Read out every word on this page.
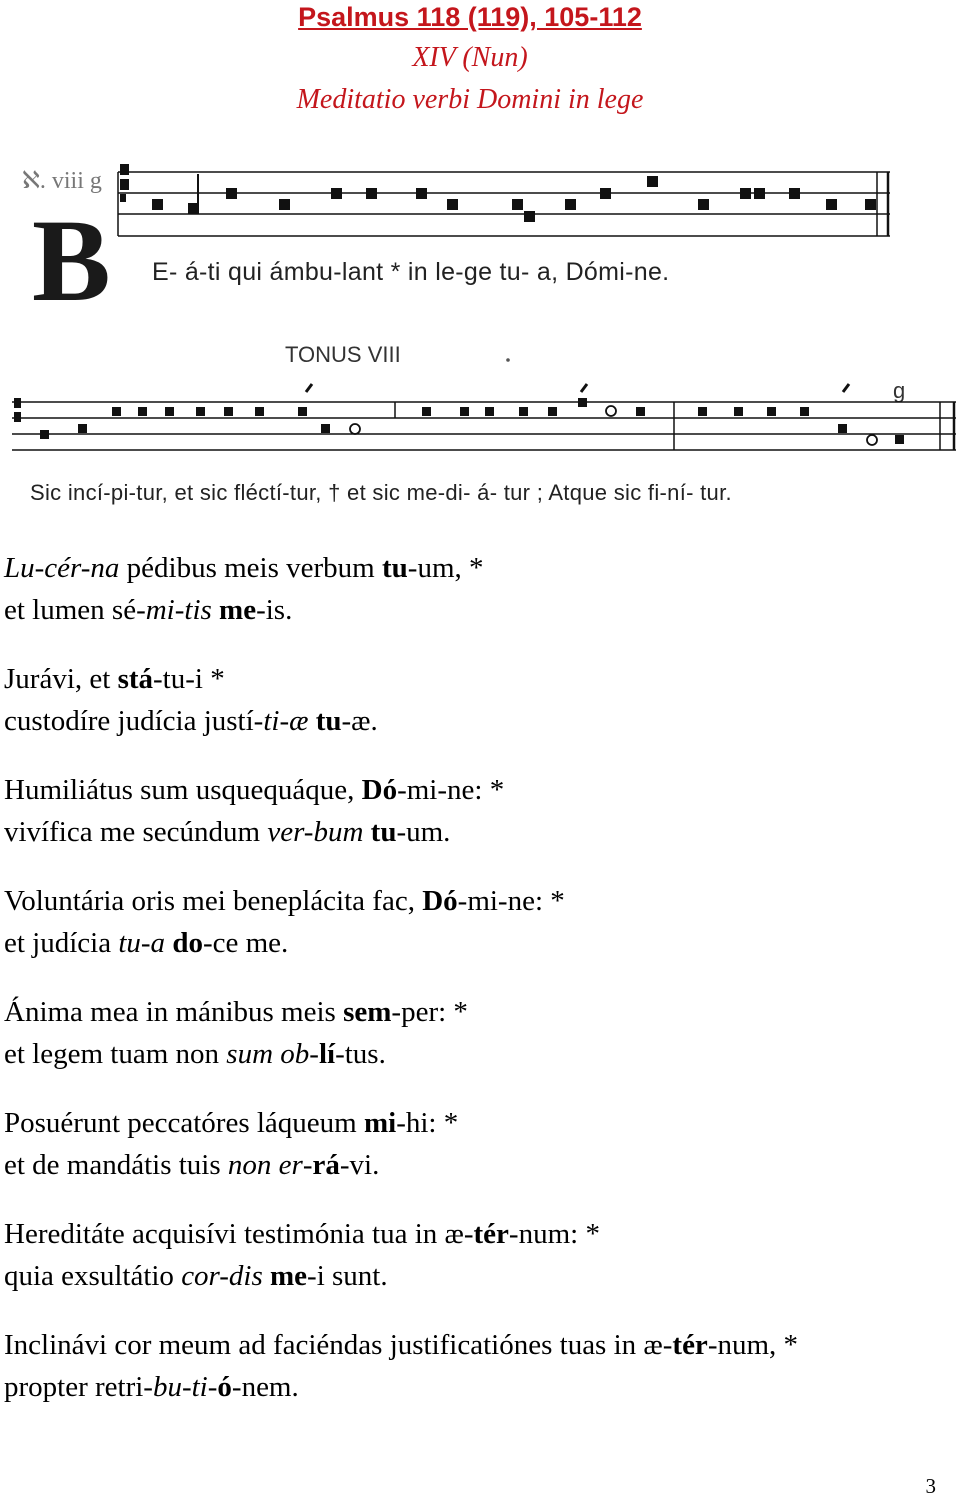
Psalmus 118 (119), 105-112
XIV (Nun)
Meditatio verbi Domini in lege
ℵ. viii g
B E- á-ti qui ámbu-lant * in le-ge tu- a, Dómi-ne.
TONUS VIII
g
Sic incí-pi-tur, et sic fléctí-tur, † et sic me-di- á- tur ; Atque sic fi-ní- tur.
Lu-cér-na pédibus meis verbum tu-um, *
et lumen sé-mi-tis me-is.
Jurávi, et stá-tu-i *
custodíre judícia justí-ti-æ tu-æ.
Humiliátus sum usquequáque, Dó-mi-ne: *
vivífica me secúndum ver-bum tu-um.
Voluntária oris mei beneplácita fac, Dó-mi-ne: *
et judícia tu-a do-ce me.
Ánima mea in mánibus meis sem-per: *
et legem tuam non sum ob-lí-tus.
Posuérunt peccatóres láqueum mi-hi: *
et de mandátis tuis non er-rá-vi.
Hereditáte acquisívi testimónia tua in æ-tér-num: *
quia exsultátio cor-dis me-i sunt.
Inclinávi cor meum ad faciéndas justificatiónes tuas in æ-tér-num, *
propter retri-bu-ti-ó-nem.
3
